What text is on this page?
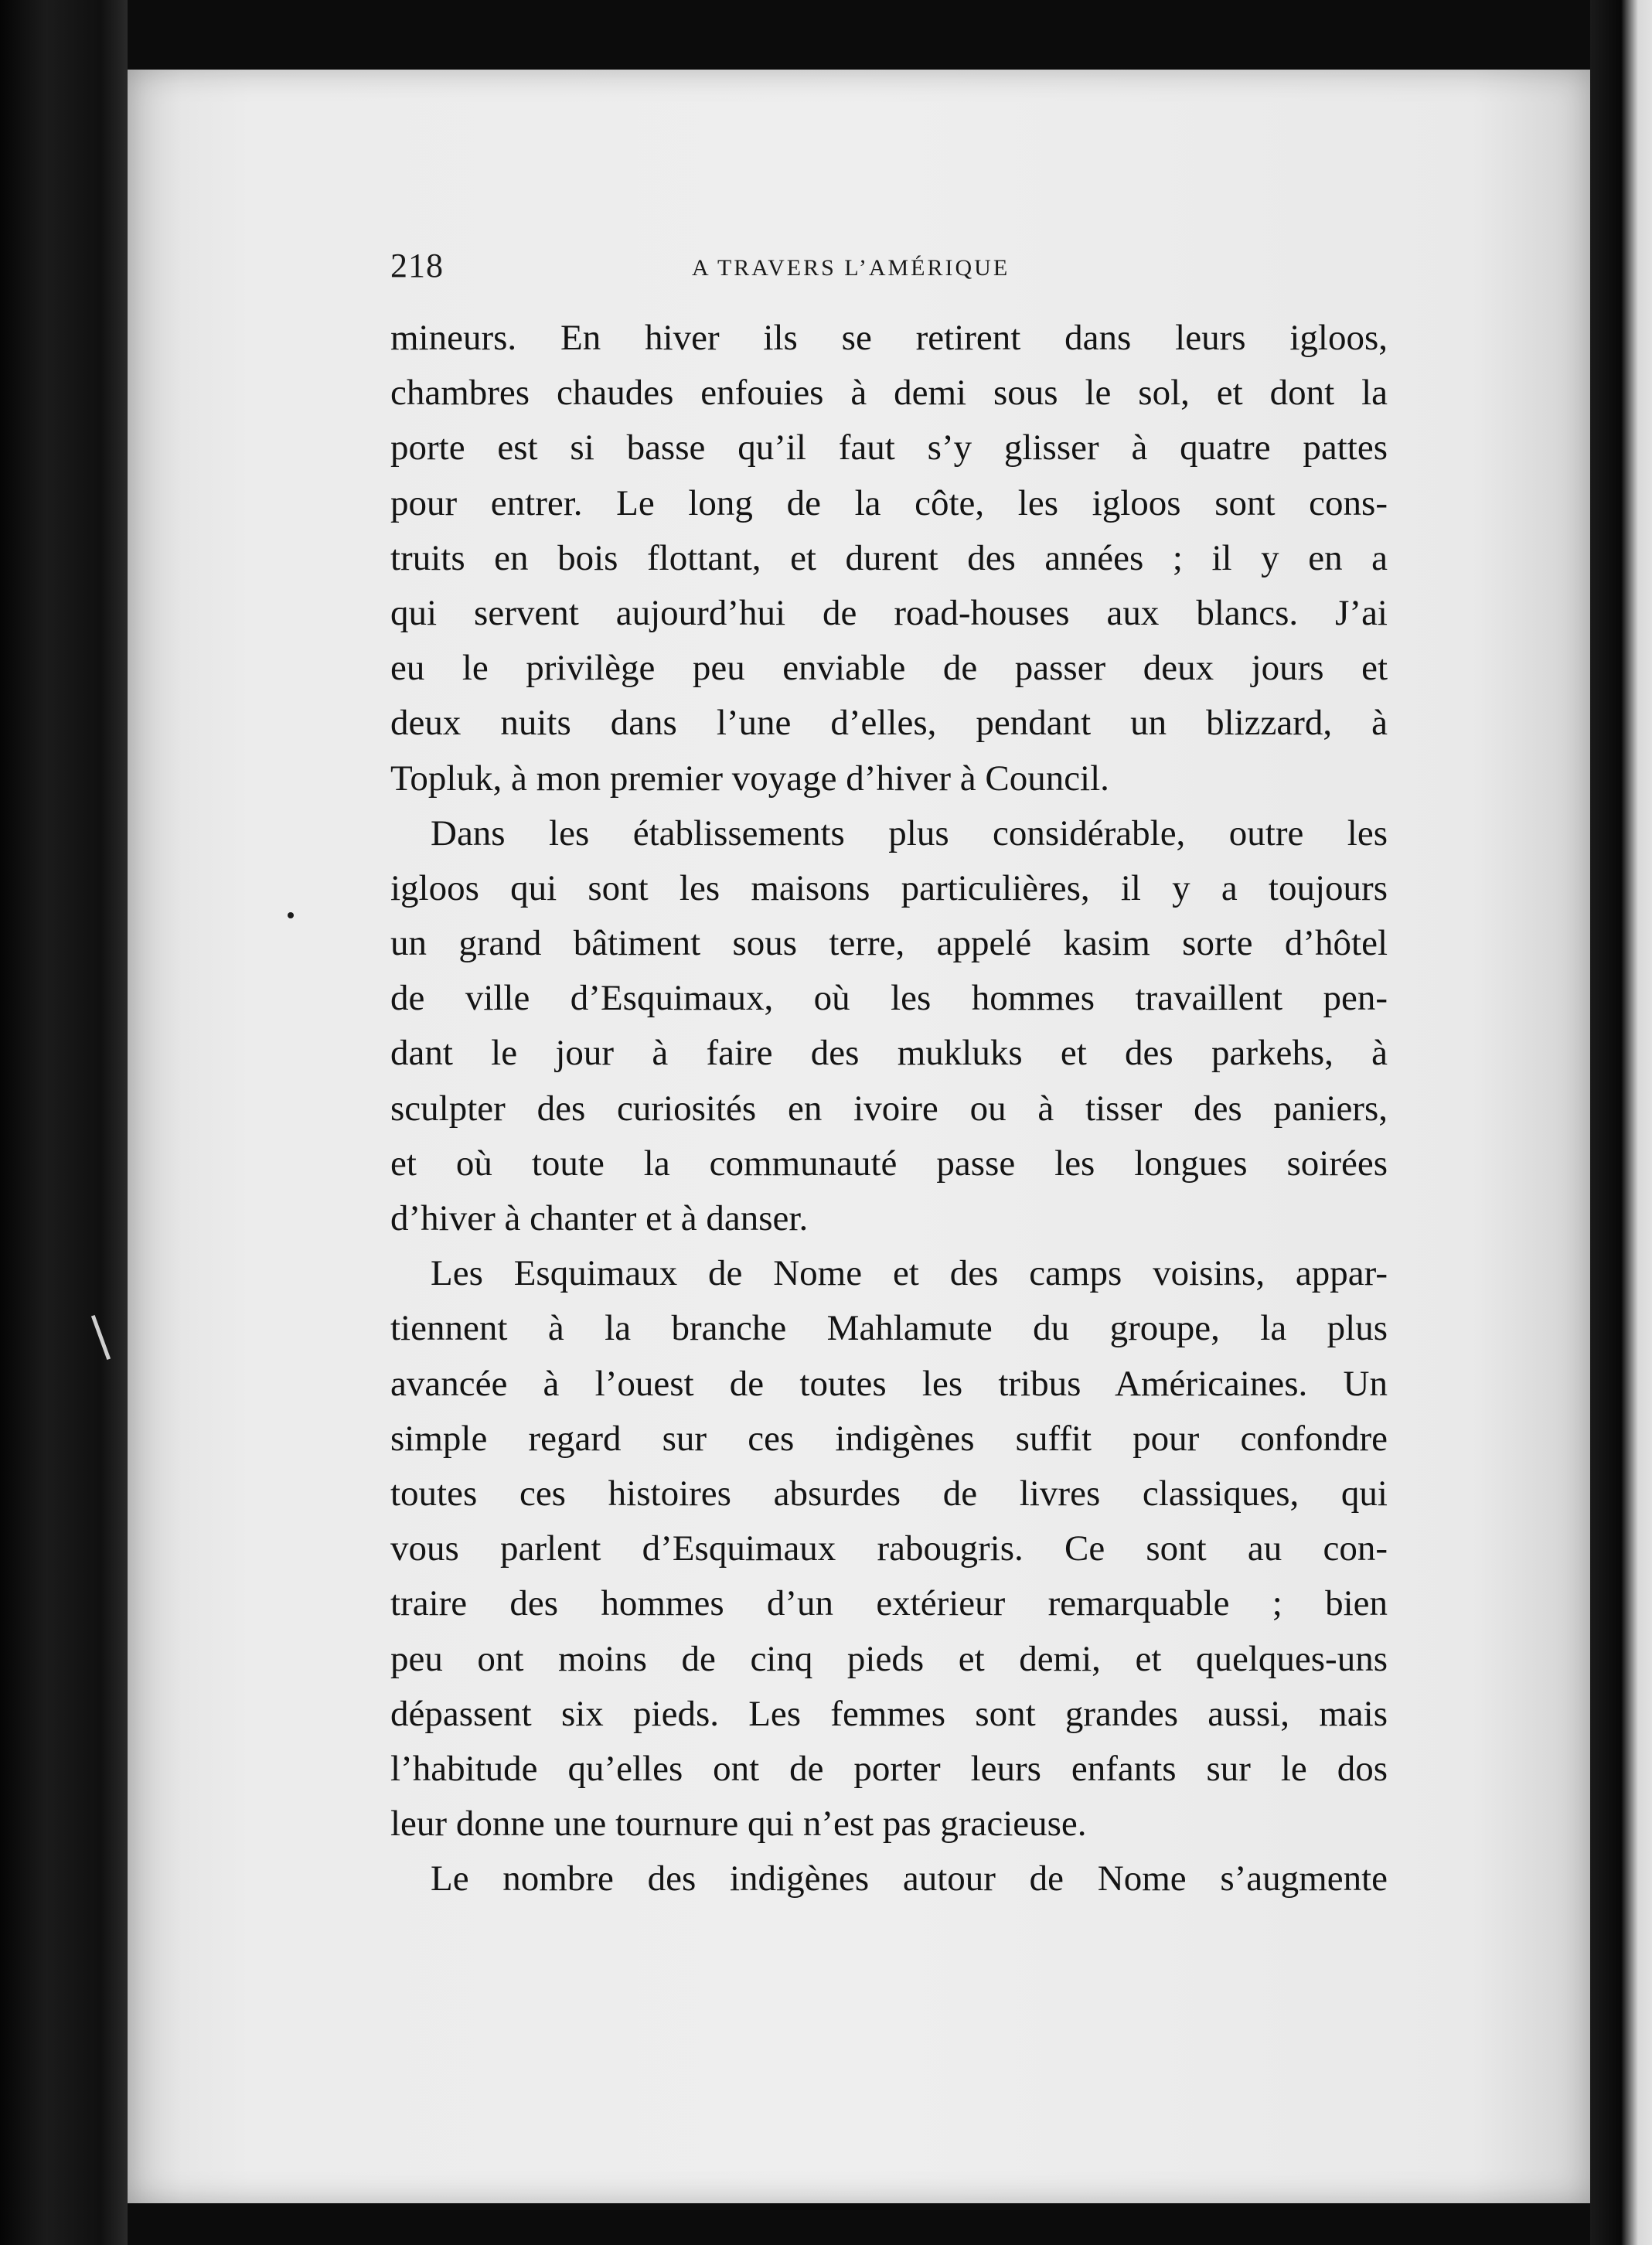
218	A TRAVERS L’AMÉRIQUE
mineurs. En hiver ils se retirent dans leurs igloos,
chambres chaudes enfouies à demi sous le sol, et dont la
porte est si basse qu’il faut s’y glisser à quatre pattes
pour entrer. Le long de la côte, les igloos sont cons-
truits en bois flottant, et durent des années ; il y en a
qui servent aujourd’hui de road-houses aux blancs. J’ai
eu le privilège peu enviable de passer deux jours et
deux nuits dans l’une d’elles, pendant un blizzard, à
Topluk, à mon premier voyage d’hiver à Council.
Dans les établissements plus considérable, outre les
igloos qui sont les maisons particulières, il y a toujours
un grand bâtiment sous terre, appelé kasim sorte d’hôtel
de ville d’Esquimaux, où les hommes travaillent pen-
dant le jour à faire des mukluks et des parkehs, à
sculpter des curiosités en ivoire ou à tisser des paniers,
et où toute la communauté passe les longues soirées
d’hiver à chanter et à danser.
Les Esquimaux de Nome et des camps voisins, appar-
tiennent à la branche Mahlamute du groupe, la plus
avancée à l’ouest de toutes les tribus Américaines. Un
simple regard sur ces indigènes suffit pour confondre
toutes ces histoires absurdes de livres classiques, qui
vous parlent d’Esquimaux rabougris. Ce sont au con-
traire des hommes d’un extérieur remarquable ; bien
peu ont moins de cinq pieds et demi, et quelques-uns
dépassent six pieds. Les femmes sont grandes aussi, mais
l’habitude qu’elles ont de porter leurs enfants sur le dos
leur donne une tournure qui n’est pas gracieuse.
Le nombre des indigènes autour de Nome s’augmente
